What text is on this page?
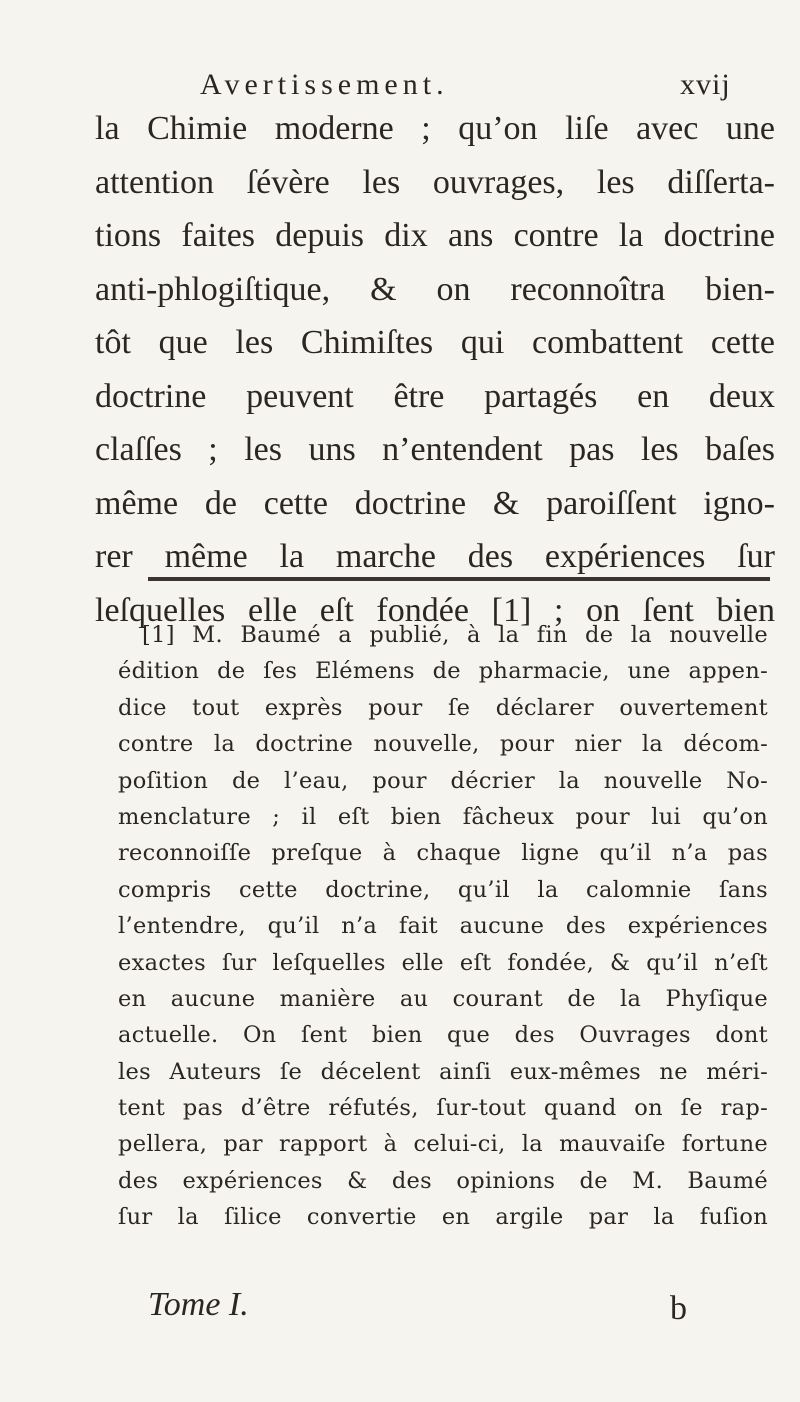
Avertissement.	xvij
la Chimie moderne ; qu’on liſe avec une
attention ſévère les ouvrages, les diſſerta-
tions faites depuis dix ans contre la doctrine
anti-phlogiſtique, & on reconnoîtra bien-
tôt que les Chimiſtes qui combattent cette
doctrine peuvent être partagés en deux
claſſes ; les uns n’entendent pas les baſes
même de cette doctrine & paroiſſent igno-
rer même la marche des expériences ſur
leſquelles elle eſt fondée [1] ; on ſent bien
[1] M. Baumé a publié, à la fin de la nouvelle
édition de ſes Elémens de pharmacie, une appen-
dice tout exprès pour ſe déclarer ouvertement
contre la doctrine nouvelle, pour nier la décom-
poſition de l’eau, pour décrier la nouvelle No-
menclature ; il eſt bien fâcheux pour lui qu’on
reconnoiſſe preſque à chaque ligne qu’il n’a pas
compris cette doctrine, qu’il la calomnie ſans
l’entendre, qu’il n’a fait aucune des expériences
exactes ſur leſquelles elle eſt fondée, & qu’il n’eſt
en aucune manière au courant de la Phyſique
actuelle. On ſent bien que des Ouvrages dont
les Auteurs ſe décelent ainſi eux-mêmes ne méri-
tent pas d’être réfutés, ſur-tout quand on ſe rap-
pellera, par rapport à celui-ci, la mauvaiſe fortune
des expériences & des opinions de M. Baumé
ſur la ſilice convertie en argile par la fuſion
Tome I.	b
